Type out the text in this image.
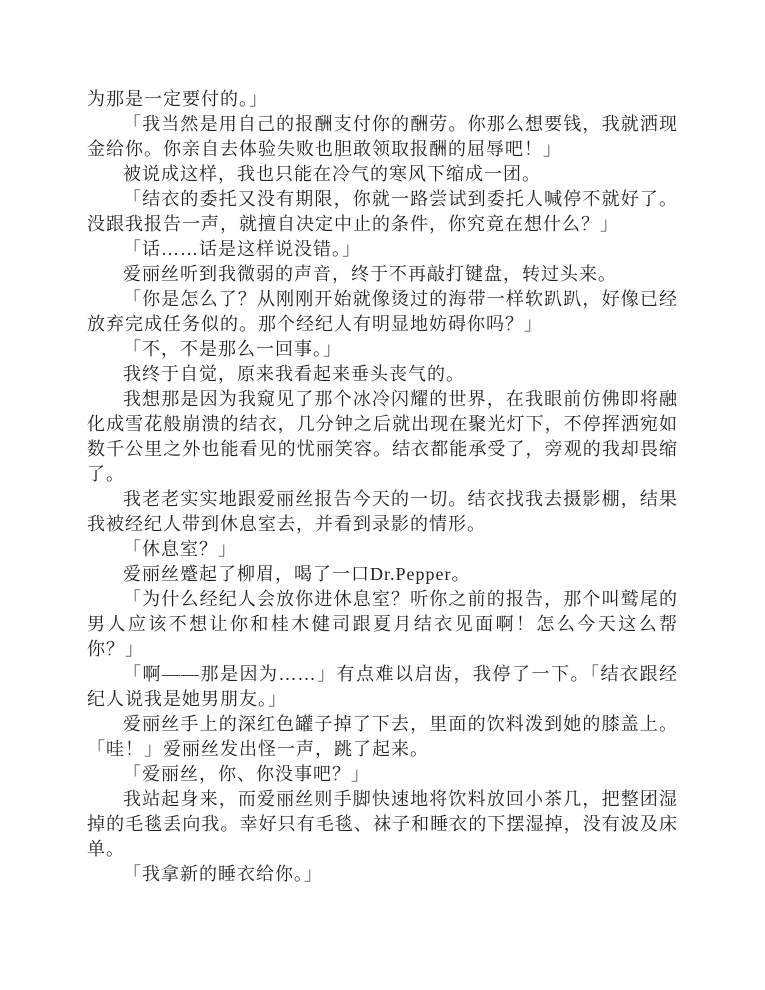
为那是一定要付的。」

「我当然是用自己的报酬支付你的酬劳。你那么想要钱，我就洒现金给你。你亲自去体验失败也胆敢领取报酬的屈辱吧！」

被说成这样，我也只能在冷气的寒风下缩成一团。

「结衣的委托又没有期限，你就一路尝试到委托人喊停不就好了。没跟我报告一声，就擅自决定中止的条件，你究竟在想什么？」

「话……话是这样说没错。」

爱丽丝听到我微弱的声音，终于不再敲打键盘，转过头来。

「你是怎么了？从刚刚开始就像烫过的海带一样软趴趴，好像已经放弃完成任务似的。那个经纪人有明显地妨碍你吗？」

「不，不是那么一回事。」

我终于自觉，原来我看起来垂头丧气的。

我想那是因为我窥见了那个冰冷闪耀的世界，在我眼前仿佛即将融化成雪花般崩溃的结衣，几分钟之后就出现在聚光灯下，不停挥洒宛如数千公里之外也能看见的忧丽笑容。结衣都能承受了，旁观的我却畏缩了。

我老老实实地跟爱丽丝报告今天的一切。结衣找我去摄影棚，结果我被经纪人带到休息室去，并看到录影的情形。

「休息室？」

爱丽丝蹙起了柳眉，喝了一口Dr.Pepper。

「为什么经纪人会放你进休息室？听你之前的报告，那个叫鹫尾的男人应该不想让你和桂木健司跟夏月结衣见面啊！怎么今天这么帮你？」

「啊――那是因为……」有点难以启齿，我停了一下。「结衣跟经纪人说我是她男朋友。」

爱丽丝手上的深红色罐子掉了下去，里面的饮料泼到她的膝盖上。「哇！」爱丽丝发出怪一声，跳了起来。

「爱丽丝，你、你没事吧？」

我站起身来，而爱丽丝则手脚快速地将饮料放回小茶几，把整团湿掉的毛毯丢向我。幸好只有毛毯、袜子和睡衣的下摆湿掉，没有波及床单。

「我拿新的睡衣给你。」
